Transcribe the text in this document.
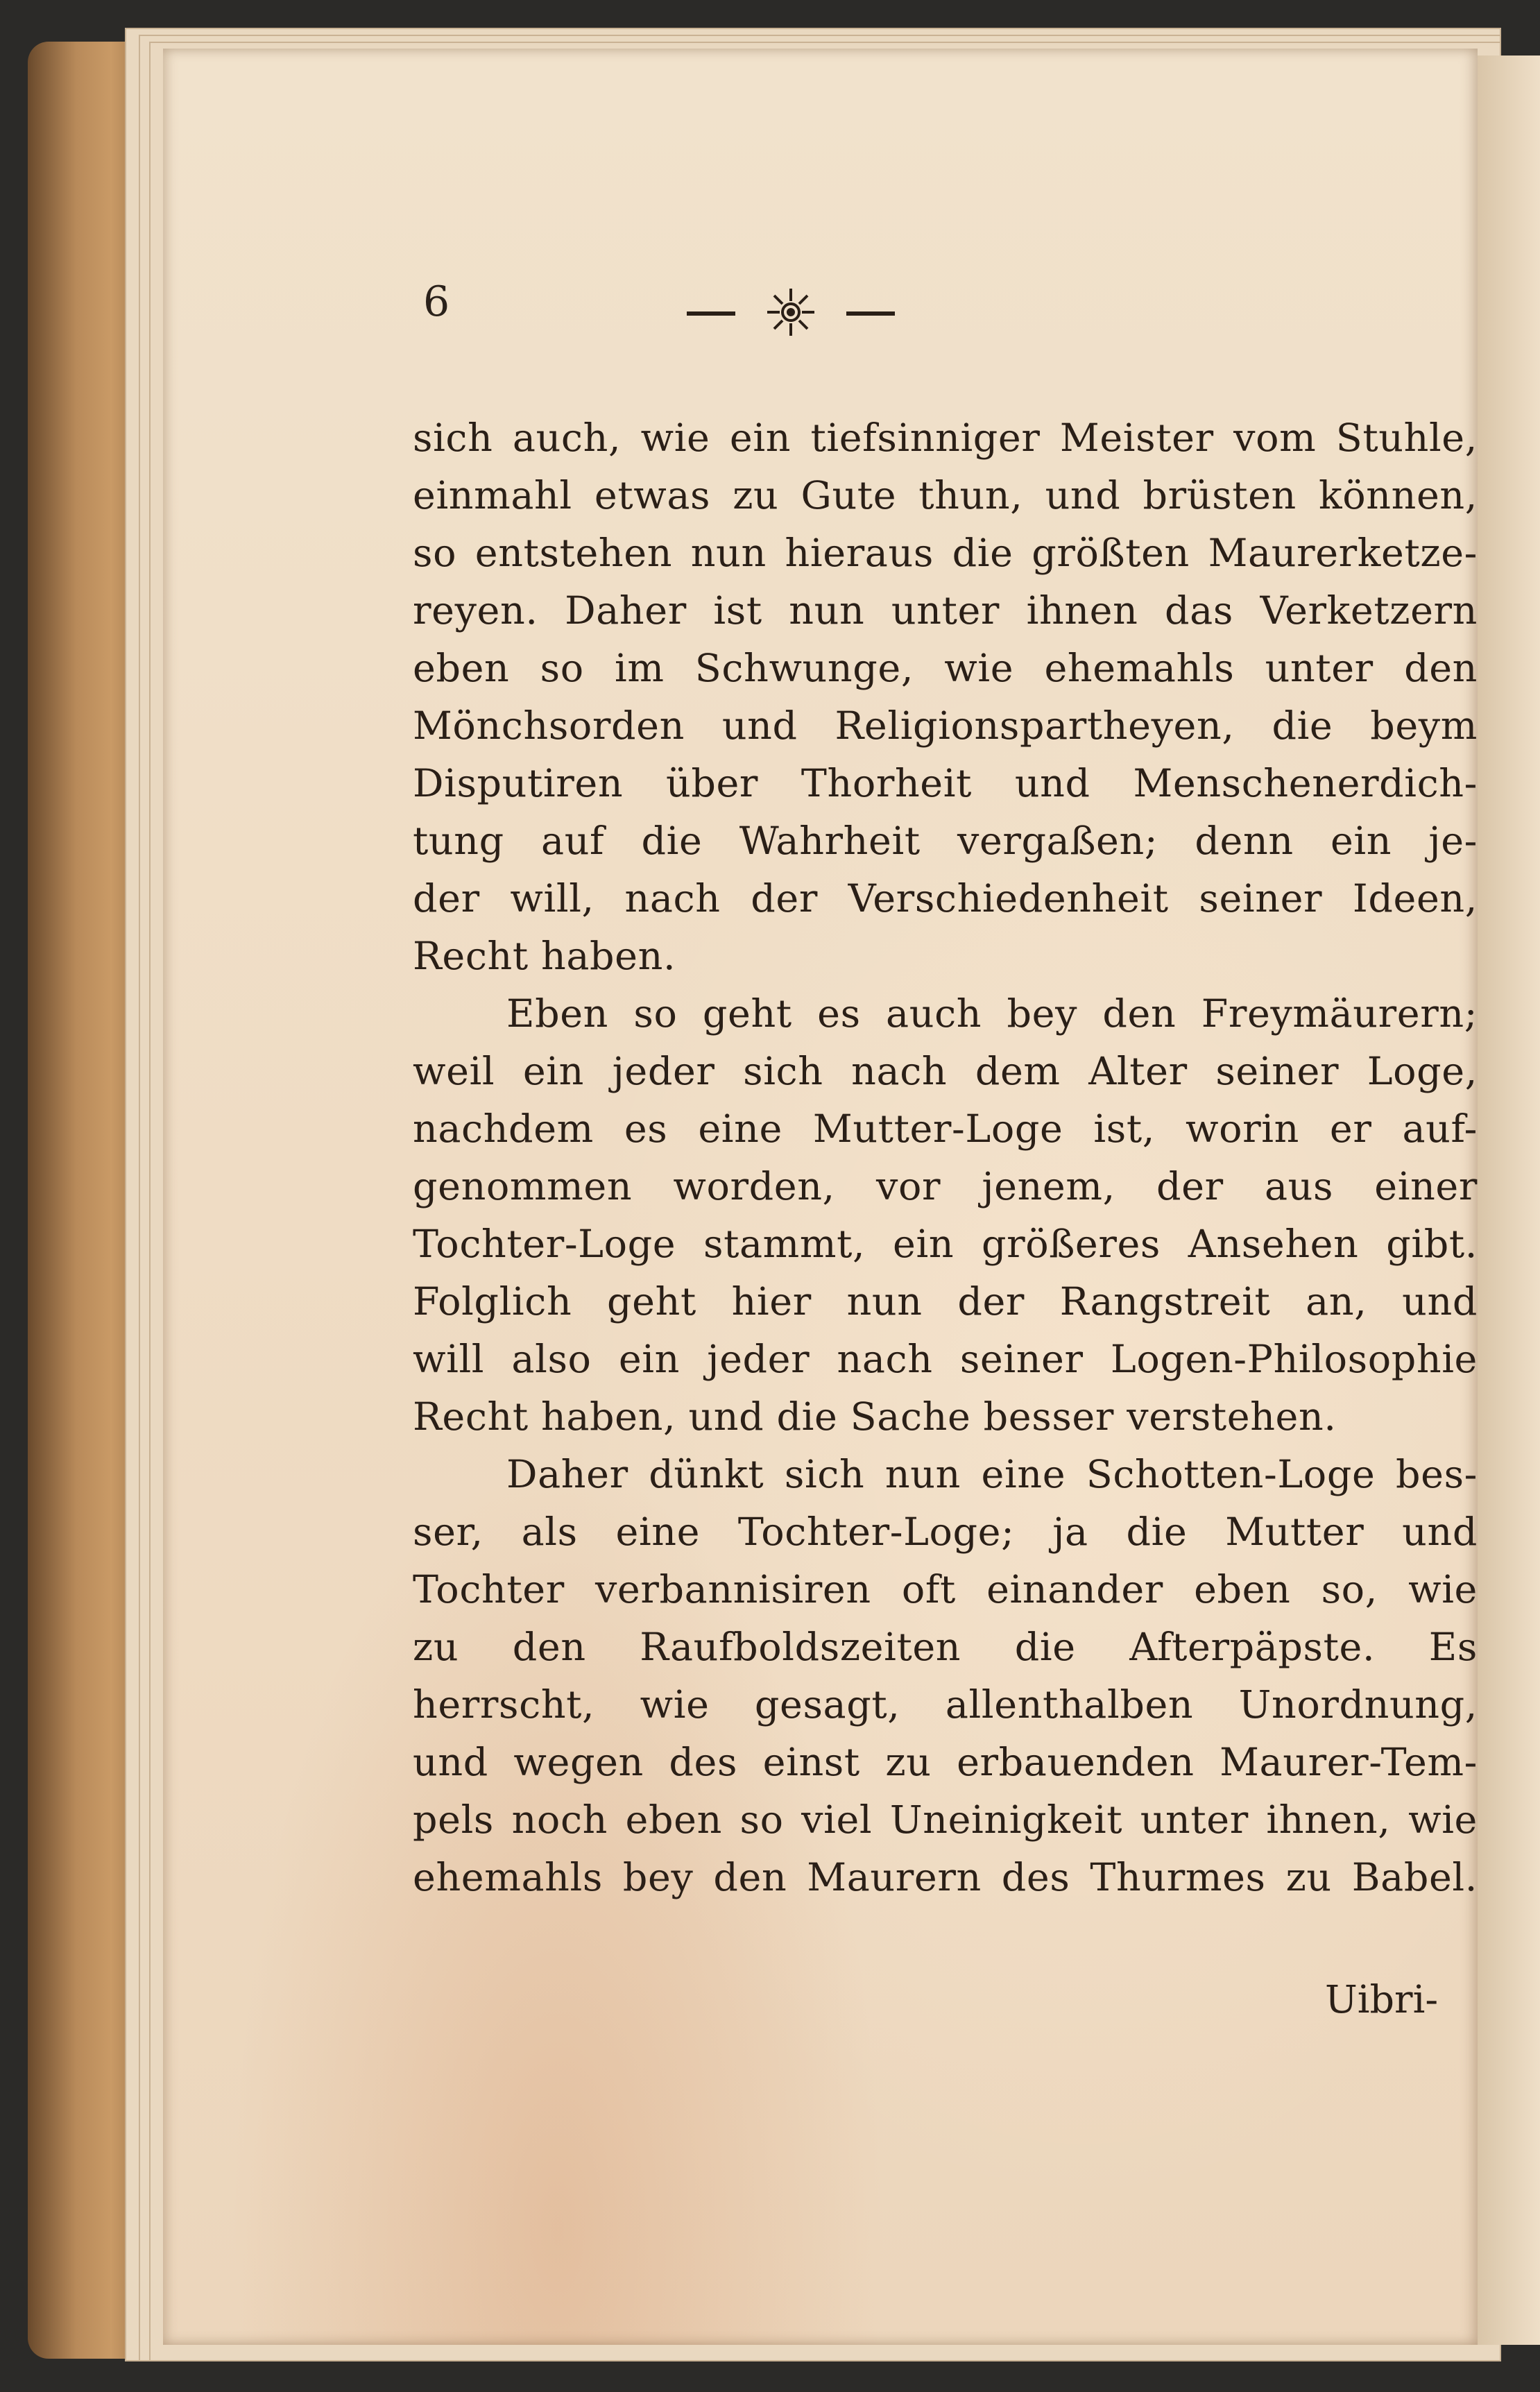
6
sich auch, wie ein tiefsinniger Meister vom Stuhle,
einmahl etwas zu Gute thun, und brüsten können,
so entstehen nun hieraus die größten Maurerketze-
reyen. Daher ist nun unter ihnen das Verketzern
eben so im Schwunge, wie ehemahls unter den
Mönchsorden und Religionspartheyen, die beym
Disputiren über Thorheit und Menschenerdich-
tung auf die Wahrheit vergaßen; denn ein je-
der will, nach der Verschiedenheit seiner Ideen,
Recht haben.
Eben so geht es auch bey den Freymäurern;
weil ein jeder sich nach dem Alter seiner Loge,
nachdem es eine Mutter-Loge ist, worin er auf-
genommen worden, vor jenem, der aus einer
Tochter-Loge stammt, ein größeres Ansehen gibt.
Folglich geht hier nun der Rangstreit an, und
will also ein jeder nach seiner Logen-Philosophie
Recht haben, und die Sache besser verstehen.
Daher dünkt sich nun eine Schotten-Loge bes-
ser, als eine Tochter-Loge; ja die Mutter und
Tochter verbannisiren oft einander eben so, wie
zu den Raufboldszeiten die Afterpäpste. Es
herrscht, wie gesagt, allenthalben Unordnung,
und wegen des einst zu erbauenden Maurer-Tem-
pels noch eben so viel Uneinigkeit unter ihnen, wie
ehemahls bey den Maurern des Thurmes zu Babel.
Uibri-
